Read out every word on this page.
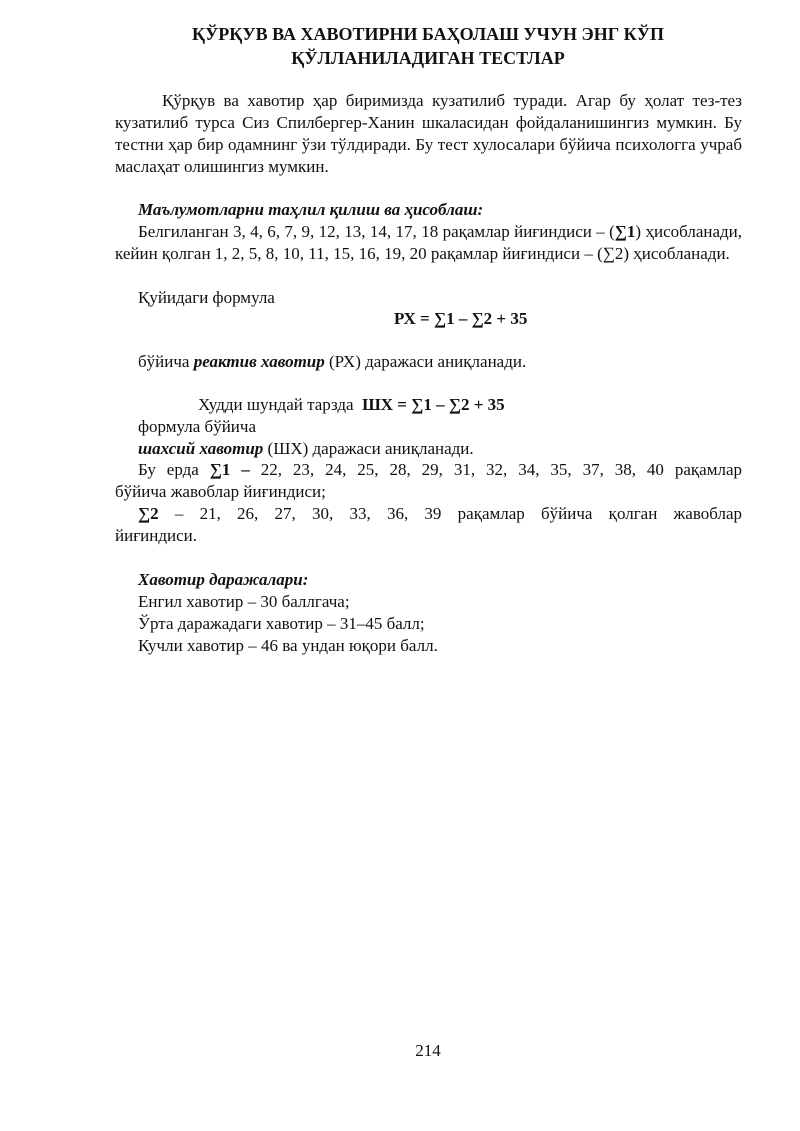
ҚЎРҚУВ ВА ХАВОТИРНИ БАҲОЛАШ УЧУН ЭНГ КЎП
ҚЎЛЛАНИЛАДИГАН ТЕСТЛАР
Қўрқув ва хавотир ҳар биримизда кузатилиб туради. Агар бу ҳолат тез-тез кузатилиб турса Сиз Спилбергер-Ханин шкаласидан фойдаланишингиз мумкин. Бу тестни ҳар бир одамнинг ўзи тўлдиради. Бу тест хулосалари бўйича психологга учраб маслаҳат олишингиз мумкин.
Маълумотларни таҳлил қилиш ва ҳисоблаш:
Белгиланган 3, 4, 6, 7, 9, 12, 13, 14, 17, 18 рақамлар йиғиндиси – (∑1) ҳисобланади, кейин қолган 1, 2, 5, 8, 10, 11, 15, 16, 19, 20 рақамлар йиғиндиси – (∑2) ҳисобланади.
Қуйидаги формула
РХ = ∑1 – ∑2 + 35
бўйича реактив хавотир (РХ) даражаси аниқланади.
Худди шундай тарзда ШХ = ∑1 – ∑2 + 35
формула бўйича
шахсий хавотир (ШХ) даражаси аниқланади.
Бу ерда ∑1 – 22, 23, 24, 25, 28, 29, 31, 32, 34, 35, 37, 38, 40 рақамлар
бўйича жавоблар йиғиндиси;
∑2 – 21, 26, 27, 30, 33, 36, 39 рақамлар бўйича қолган жавоблар
йиғиндиси.
Хавотир даражалари:
Енгил хавотир – 30 баллгача;
Ўрта даражадаги хавотир – 31–45 балл;
Кучли хавотир – 46 ва ундан юқори балл.
214
